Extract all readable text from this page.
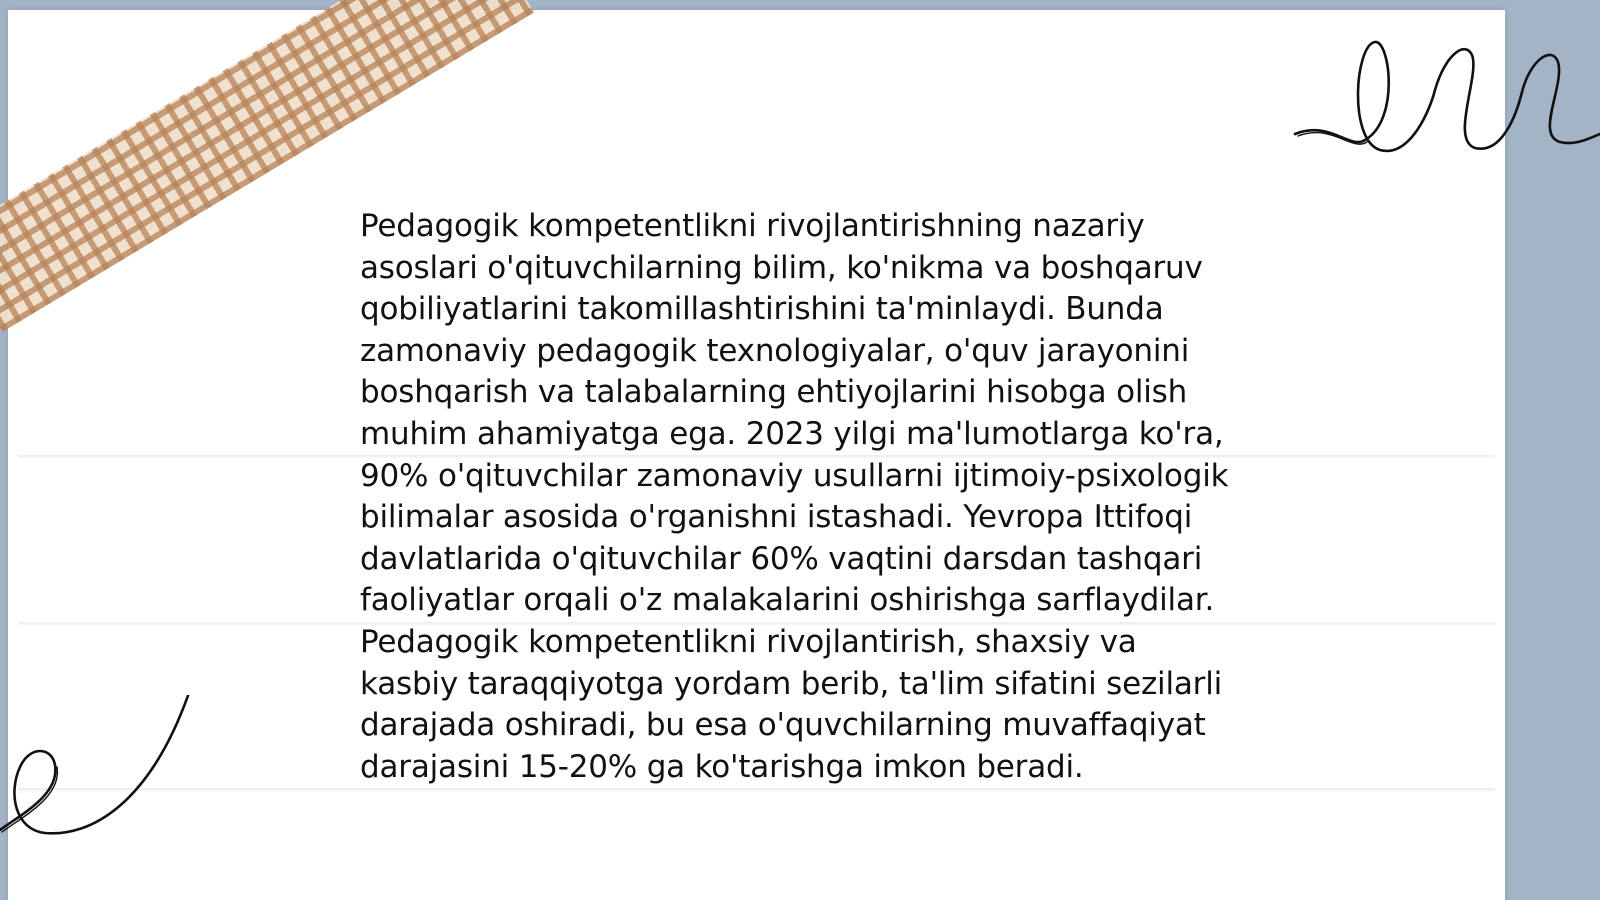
Pedagogik kompetentlikni rivojlantirishning nazariy asoslari o'qituvchilarning bilim, ko'nikma va boshqaruv qobiliyatlarini takomillashtirishini ta'minlaydi. Bunda zamonaviy pedagogik texnologiyalar, o'quv jarayonini boshqarish va talabalarning ehtiyojlarini hisobga olish muhim ahamiyatga ega. 2023 yilgi ma'lumotlarga ko'ra, 90% o'qituvchilar zamonaviy usullarni ijtimoiy-psixologik bilimalar asosida o'rganishni istashadi. Yevropa Ittifoqi davlatlarida o'qituvchilar 60% vaqtini darsdan tashqari faoliyatlar orqali o'z malakalarini oshirishga sarflaydilar. Pedagogik kompetentlikni rivojlantirish, shaxsiy va kasbiy taraqqiyotga yordam berib, ta'lim sifatini sezilarli darajada oshiradi, bu esa o'quvchilarning muvaffaqiyat darajasini 15-20% ga ko'tarishga imkon beradi.
